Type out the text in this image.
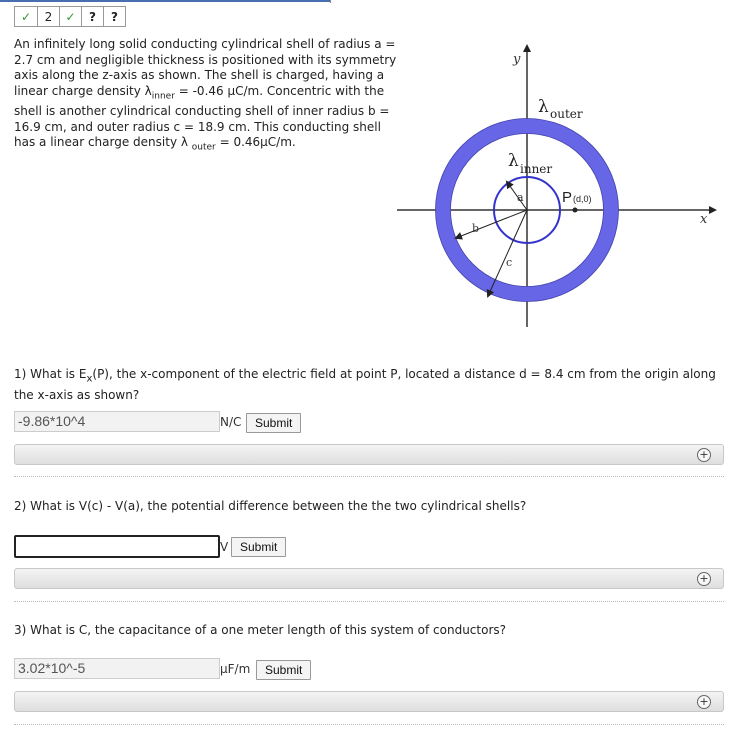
✓	2	✓	?	?
An infinitely long solid conducting cylindrical shell of radius a = 2.7 cm and negligible thickness is positioned with its symmetry axis along the z-axis as shown. The shell is charged, having a linear charge density $\lambda_{inner} = -0.46$ μC/m. Concentric with the shell is another cylindrical conducting shell of inner radius b = 16.9 cm, and outer radius c = 18.9 cm. This conducting shell has a linear charge density λ $_{outer}$ = 0.46μC/m.
y
x
λ outer
λ inner
P (d,0)
a
b
c
1) What is $E_x(P)$, the x-component of the electric field at point P, located a distance d = 8.4 cm from the origin along the x-axis as shown?
-9.86*10^4	N/C	Submit
+
2) What is V(c) - V(a), the potential difference between the the two cylindrical shells?
V Submit
+
3) What is C, the capacitance of a one meter length of this system of conductors?
3.02*10^-5	μF/m	Submit
+
